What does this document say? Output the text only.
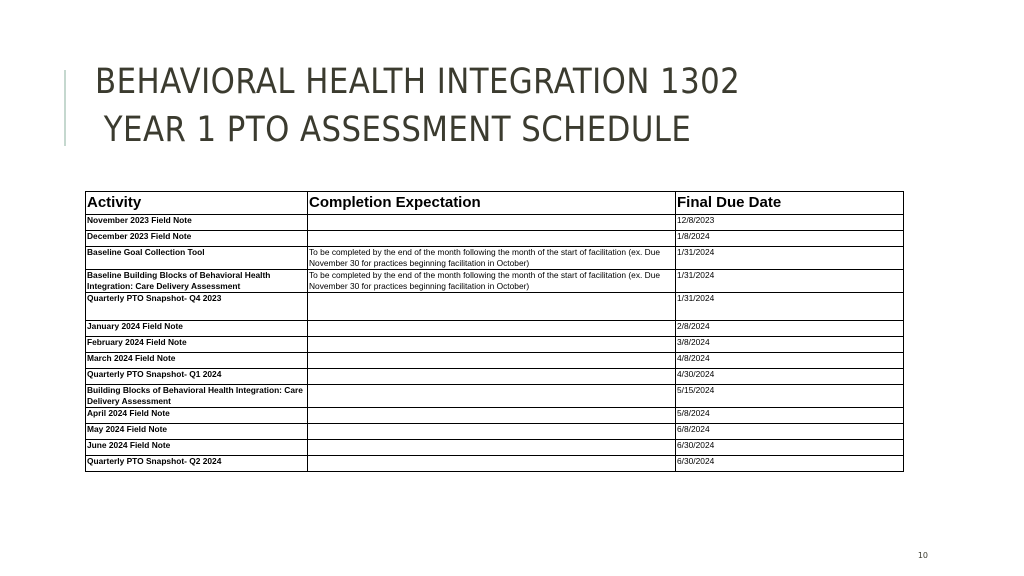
BEHAVIORAL HEALTH INTEGRATION 1302
YEAR 1 PTO ASSESSMENT SCHEDULE
Activity	Completion Expectation	Final Due Date
November 2023 Field Note		12/8/2023
December 2023 Field Note		1/8/2024
Baseline Goal Collection Tool	To be completed by the end of the month following the month of the start of facilitation (ex. Due November 30 for practices beginning facilitation in October)	1/31/2024
Baseline Building Blocks of Behavioral Health Integration: Care Delivery Assessment	To be completed by the end of the month following the month of the start of facilitation (ex. Due November 30 for practices beginning facilitation in October)	1/31/2024
Quarterly PTO Snapshot- Q4 2023		1/31/2024
January 2024 Field Note		2/8/2024
February 2024 Field Note		3/8/2024
March 2024 Field Note		4/8/2024
Quarterly PTO Snapshot- Q1 2024		4/30/2024
Building Blocks of Behavioral Health Integration: Care Delivery Assessment		5/15/2024
April 2024 Field Note		5/8/2024
May 2024 Field Note		6/8/2024
June 2024 Field Note		6/30/2024
Quarterly PTO Snapshot- Q2 2024		6/30/2024
10
